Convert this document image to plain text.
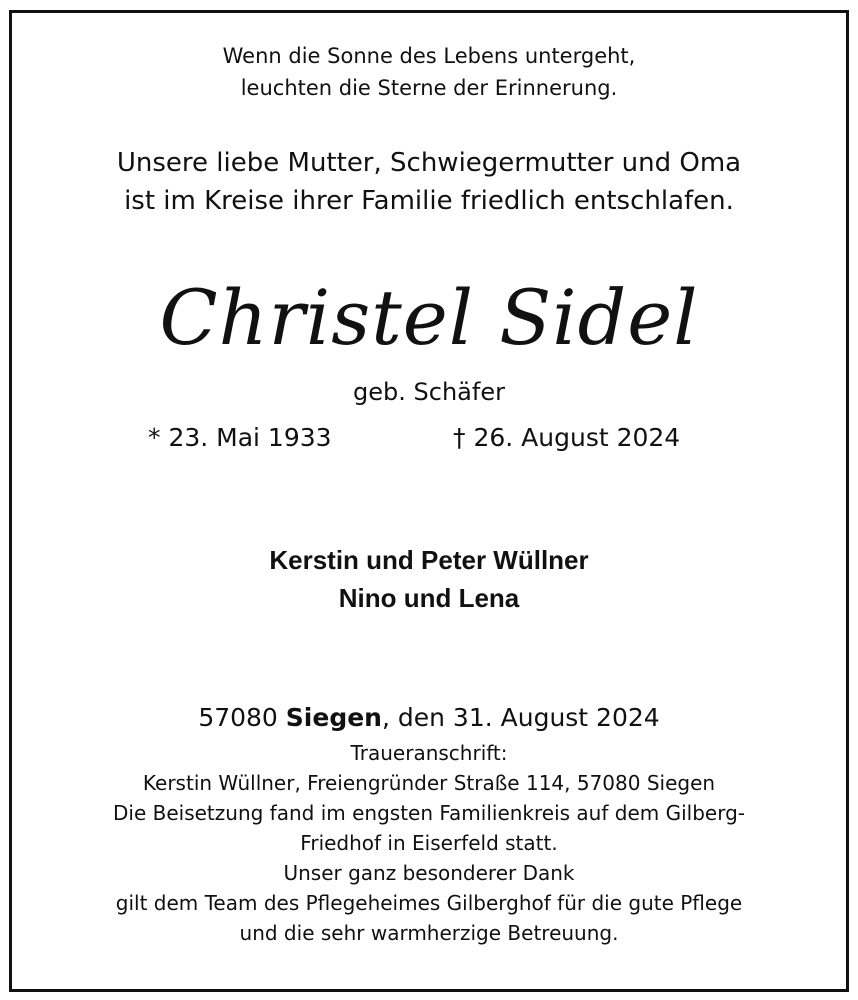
Wenn die Sonne des Lebens untergeht,
leuchten die Sterne der Erinnerung.
Unsere liebe Mutter, Schwiegermutter und Oma
ist im Kreise ihrer Familie friedlich entschlafen.
Christel Sidel
geb. Schäfer
* 23. Mai 1933	† 26. August 2024
Kerstin und Peter Wüllner
Nino und Lena
57080 Siegen, den 31. August 2024
Traueranschrift:
Kerstin Wüllner, Freiengründer Straße 114, 57080 Siegen
Die Beisetzung fand im engsten Familienkreis auf dem Gilberg-
Friedhof in Eiserfeld statt.
Unser ganz besonderer Dank
gilt dem Team des Pflegeheimes Gilberghof für die gute Pflege
und die sehr warmherzige Betreuung.
